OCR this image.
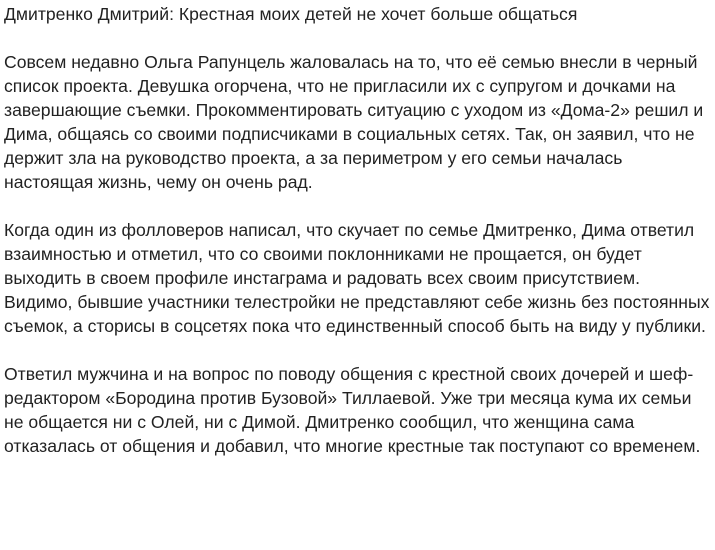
Дмитренко Дмитрий: Крестная моих детей не хочет больше общаться

Совсем недавно Ольга Рапунцель жаловалась на то, что её семью внесли в черный список проекта. Девушка огорчена, что не пригласили их с супругом и дочками на завершающие съемки. Прокомментировать ситуацию с уходом из «Дома-2» решил и Дима, общаясь со своими подписчиками в социальных сетях. Так, он заявил, что не держит зла на руководство проекта, а за периметром у его семьи началась настоящая жизнь, чему он очень рад.

Когда один из фолловеров написал, что скучает по семье Дмитренко, Дима ответил взаимностью и отметил, что со своими поклонниками не прощается, он будет выходить в своем профиле инстаграма и радовать всех своим присутствием. Видимо, бывшие участники телестройки не представляют себе жизнь без постоянных съемок, а сторисы в соцсетях пока что единственный способ быть на виду у публики.

Ответил мужчина и на вопрос по поводу общения с крестной своих дочерей и шеф-редактором «Бородина против Бузовой» Тиллаевой. Уже три месяца кума их семьи не общается ни с Олей, ни с Димой. Дмитренко сообщил, что женщина сама отказалась от общения и добавил, что многие крестные так поступают со временем.
